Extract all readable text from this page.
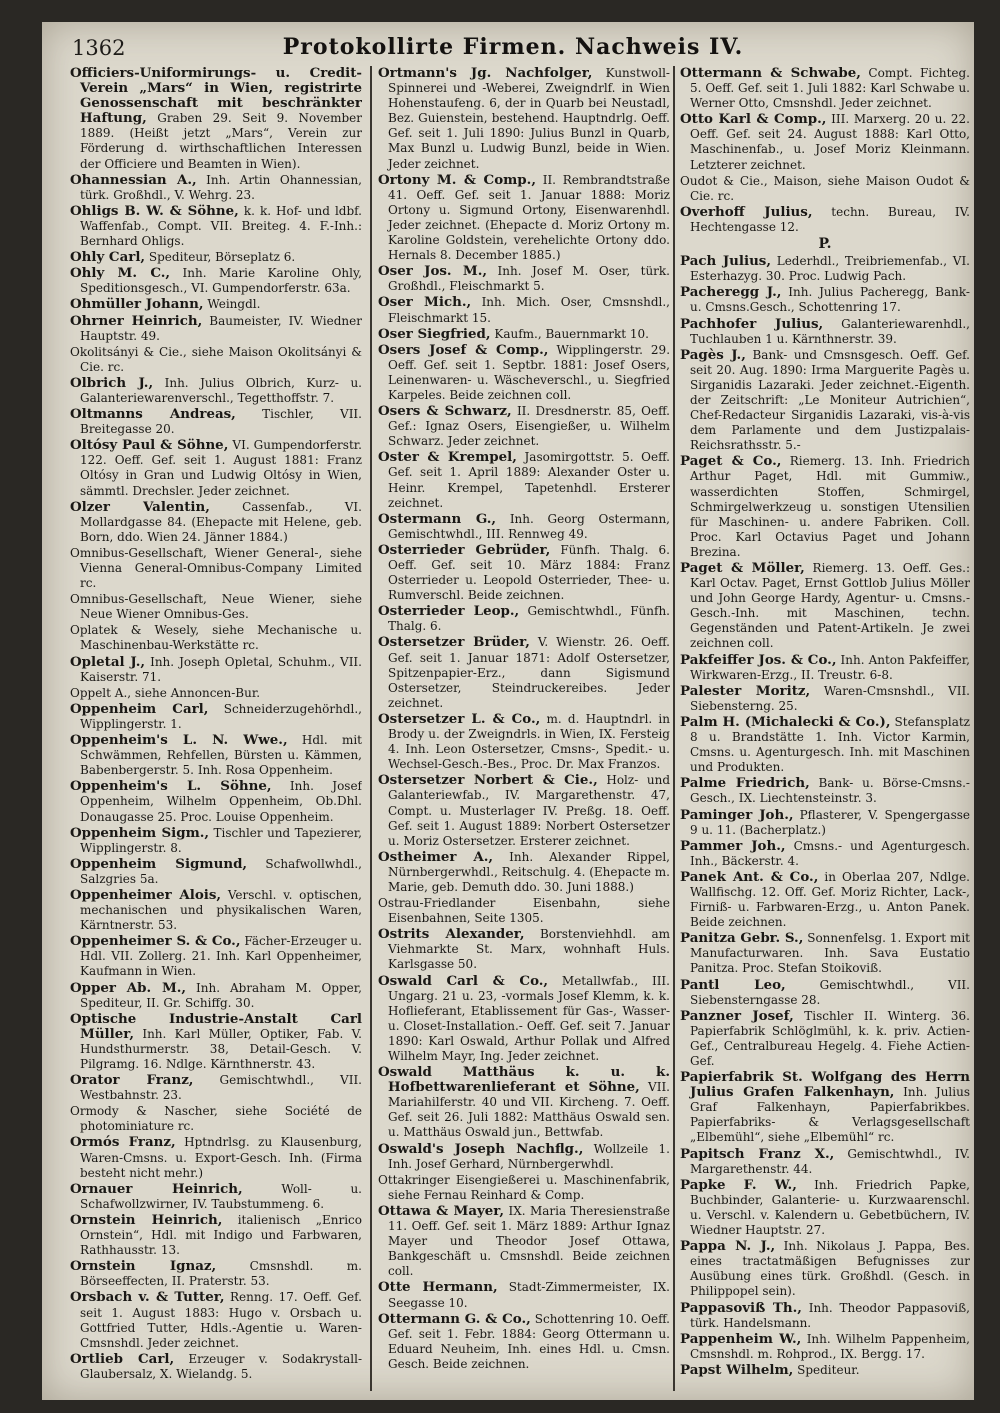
1362	Protokollirte Firmen. Nachweis IV.
Officiers-Uniformirungs- u. Credit-Verein „Mars“ in Wien, registrirte Genossenschaft mit beschränkter Haftung, Graben 29. Seit 9. November 1889. (Heißt jetzt „Mars“, Verein zur Förderung d. wirthschaftlichen Interessen der Officiere und Beamten in Wien).
Ohannessian A., Inh. Artin Ohannessian, türk. Großhdl., V. Wehrg. 23.
Ohligs B. W. & Söhne, k. k. Hof- und ldbf. Waffenfab., Compt. VII. Breiteg. 4. F.-Inh.: Bernhard Ohligs.
Ohly Carl, Spediteur, Börseplatz 6.
Ohly M. C., Inh. Marie Karoline Ohly, Speditionsgesch., VI. Gumpendorferstr. 63a.
Ohmüller Johann, Weingdl.
Ohrner Heinrich, Baumeister, IV. Wiedner Hauptstr. 49.
Okolitsányi & Cie., siehe Maison Okolitsányi & Cie. rc.
Olbrich J., Inh. Julius Olbrich, Kurz- u. Galanteriewarenverschl., Tegetthoffstr. 7.
Oltmanns Andreas, Tischler, VII. Breitegasse 20.
Oltósy Paul & Söhne, VI. Gumpendorferstr. 122. Oeff. Gef. seit 1. August 1881: Franz Oltósy in Gran und Ludwig Oltósy in Wien, sämmtl. Drechsler. Jeder zeichnet.
Olzer Valentin,	Cassenfab., VI. Mollardgasse 84. (Ehepacte mit Helene, geb. Born, ddo. Wien 24. Jänner 1884.)
Omnibus-Gesellschaft, Wiener General-, siehe Vienna General-Omnibus-Company Limited rc.
Omnibus-Gesellschaft, Neue Wiener, siehe Neue Wiener Omnibus-Ges.
Oplatek & Wesely, siehe Mechanische u. Maschinenbau-Werkstätte rc.
Opletal J., Inh. Joseph Opletal, Schuhm., VII. Kaiserstr. 71.
Oppelt A., siehe Annoncen-Bur.
Oppenheim Carl, Schneiderzugehörhdl., Wipplingerstr. 1.
Oppenheim's L. N. Wwe., Hdl. mit Schwämmen, Rehfellen, Bürsten u. Kämmen, Babenbergerstr. 5. Inh. Rosa Oppenheim.
Oppenheim's L. Söhne, Inh. Josef Oppenheim, Wilhelm Oppenheim, Ob.Dhl. Donaugasse 25. Proc. Louise Oppenheim.
Oppenheim Sigm., Tischler und Tapezierer, Wipplingerstr. 8.
Oppenheim Sigmund, Schafwollwhdl., Salzgries 5a.
Oppenheimer Alois, Verschl. v. optischen, mechanischen und physikalischen Waren, Kärntnerstr. 53.
Oppenheimer S. & Co., Fächer-Erzeuger u. Hdl. VII. Zollerg. 21. Inh. Karl Oppenheimer, Kaufmann in Wien.
Opper Ab. M., Inh. Abraham M. Opper, Spediteur, II. Gr. Schiffg. 30.
Optische Industrie-Anstalt Carl Müller, Inh. Karl Müller, Optiker, Fab. V. Hundsthurmerstr. 38, Detail-Gesch. V. Pilgramg. 16. Ndlge. Kärnthnerstr. 43.
Orator Franz, Gemischtwhdl., VII. Westbahnstr. 23.
Ormody & Nascher, siehe Société de photominiature rc.
Ormós Franz, Hptndrlsg. zu Klausenburg, Waren-Cmsns. u. Export-Gesch. Inh. (Firma besteht nicht mehr.)
Ornauer Heinrich,	Woll- u. Schafwollzwirner, IV. Taubstummeng. 6.
Ornstein Heinrich, italienisch „Enrico Ornstein“, Hdl. mit Indigo und Farbwaren, Rathhausstr. 13.
Ornstein Ignaz,	Cmsnshdl. m. Börseeffecten, II. Praterstr. 53.
Orsbach v. & Tutter, Renng. 17. Oeff. Gef. seit 1. August 1883: Hugo v. Orsbach u. Gottfried Tutter, Hdls.-Agentie u. Waren-Cmsnshdl. Jeder zeichnet.
Ortlieb Carl, Erzeuger v. Sodakrystall-Glaubersalz, X. Wielandg. 5.
Ortmann's Jg. Nachfolger, Kunstwoll-Spinnerei und -Weberei, Zweigndrlf. in Wien Hohenstaufeng. 6, der in Quarb bei Neustadl, Bez. Guienstein, bestehend. Hauptndrlg. Oeff. Gef. seit 1. Juli 1890: Julius Bunzl in Quarb, Max Bunzl u. Ludwig Bunzl, beide in Wien. Jeder zeichnet.
Ortony M. & Comp., II. Rembrandtstraße 41. Oeff. Gef. seit 1. Januar 1888: Moriz Ortony u. Sigmund Ortony, Eisenwarenhdl. Jeder zeichnet. (Ehepacte d. Moriz Ortony m. Karoline Goldstein, verehelichte Ortony ddo. Hernals 8. December 1885.)
Oser Jos. M., Inh. Josef M. Oser, türk. Großhdl., Fleischmarkt 5.
Oser Mich., Inh. Mich. Oser, Cmsnshdl., Fleischmarkt 15.
Oser Siegfried, Kaufm., Bauernmarkt 10.
Osers Josef & Comp., Wipplingerstr. 29. Oeff. Gef. seit 1. Septbr. 1881: Josef Osers, Leinenwaren- u. Wäscheverschl., u. Siegfried Karpeles. Beide zeichnen coll.
Osers & Schwarz, II. Dresdnerstr. 85, Oeff. Gef.: Ignaz Osers, Eisengießer, u. Wilhelm Schwarz. Jeder zeichnet.
Oster & Krempel, Jasomirgottstr. 5. Oeff. Gef. seit 1. April 1889: Alexander Oster u. Heinr. Krempel, Tapetenhdl. Ersterer zeichnet.
Ostermann G., Inh. Georg Ostermann, Gemischtwhdl., III. Rennweg 49.
Osterrieder Gebrüder, Fünfh. Thalg. 6. Oeff. Gef. seit 10. März 1884: Franz Osterrieder u. Leopold Osterrieder, Thee- u. Rumverschl. Beide zeichnen.
Osterrieder Leop., Gemischtwhdl., Fünfh. Thalg. 6.
Ostersetzer Brüder, V. Wienstr. 26. Oeff. Gef. seit 1. Januar 1871: Adolf Ostersetzer, Spitzenpapier-Erz., dann Sigismund Ostersetzer, Steindruckereibes. Jeder zeichnet.
Ostersetzer L. & Co., m. d. Hauptndrl. in Brody u. der Zweigndrls. in Wien, IX. Fersteig 4. Inh. Leon Ostersetzer, Cmsns-, Spedit.- u. Wechsel-Gesch.-Bes., Proc. Dr. Max Franzos.
Ostersetzer Norbert & Cie., Holz- und Galanteriewfab., IV. Margarethenstr. 47, Compt. u. Musterlager IV. Preßg. 18. Oeff. Gef. seit 1. August 1889: Norbert Ostersetzer u. Moriz Ostersetzer. Ersterer zeichnet.
Ostheimer A., Inh. Alexander Rippel, Nürnbergerwhdl., Reitschulg. 4. (Ehepacte m. Marie, geb. Demuth ddo. 30. Juni 1888.)
Ostrau-Friedlander Eisenbahn, siehe Eisenbahnen, Seite 1305.
Ostrits Alexander, Borstenviehhdl. am Viehmarkte St. Marx, wohnhaft Huls. Karlsgasse 50.
Oswald Carl & Co., Metallwfab., III. Ungarg. 21 u. 23, -vormals Josef Klemm, k. k. Hoflieferant, Etablissement für Gas-, Wasser- u. Closet-Installation.- Oeff. Gef. seit 7. Januar 1890: Karl Oswald, Arthur Pollak und Alfred Wilhelm Mayr, Ing. Jeder zeichnet.
Oswald Matthäus k. u. k. Hofbettwarenlieferant et Söhne, VII. Mariahilferstr. 40 und VII. Kircheng. 7. Oeff. Gef. seit 26. Juli 1882: Matthäus Oswald sen. u. Matthäus Oswald jun., Bettwfab.
Oswald's Joseph Nachflg., Wollzeile 1. Inh. Josef Gerhard, Nürnbergerwhdl.
Ottakringer Eisengießerei u. Maschinenfabrik, siehe Fernau Reinhard & Comp.
Ottawa & Mayer, IX. Maria Theresienstraße 11. Oeff. Gef. seit 1. März 1889: Arthur Ignaz Mayer und Theodor Josef Ottawa, Bankgeschäft u. Cmsnshdl. Beide zeichnen coll.
Otte Hermann, Stadt-Zimmermeister, IX. Seegasse 10.
Ottermann G. & Co., Schottenring 10. Oeff. Gef. seit 1. Febr. 1884: Georg Ottermann u. Eduard Neuheim, Inh. eines Hdl. u. Cmsn. Gesch. Beide zeichnen.
Ottermann & Schwabe, Compt. Fichteg. 5. Oeff. Gef. seit 1. Juli 1882: Karl Schwabe u. Werner Otto, Cmsnshdl. Jeder zeichnet.
Otto Karl & Comp., III. Marxerg. 20 u. 22. Oeff. Gef. seit 24. August 1888: Karl Otto, Maschinenfab., u. Josef Moriz Kleinmann. Letzterer zeichnet.
Oudot & Cie., Maison, siehe Maison Oudot & Cie. rc.
Overhoff Julius, techn. Bureau, IV. Hechtengasse 12.
P.
Pach Julius, Lederhdl., Treibriemenfab., VI. Esterhazyg. 30. Proc. Ludwig Pach.
Pacheregg J., Inh. Julius Pacheregg, Bank- u. Cmsns.Gesch., Schottenring 17.
Pachhofer Julius, Galanteriewarenhdl., Tuchlauben 1 u. Kärnthnerstr. 39.
Pagès J., Bank- und Cmsnsgesch. Oeff. Gef. seit 20. Aug. 1890: Irma Marguerite Pagès u. Sirganidis Lazaraki. Jeder zeichnet.-Eigenth. der Zeitschrift: „Le Moniteur Autrichien“, Chef-Redacteur Sirganidis Lazaraki, vis-à-vis dem Parlamente und dem Justizpalais- Reichsrathsstr. 5.-
Paget & Co., Riemerg. 13. Inh. Friedrich Arthur Paget, Hdl. mit Gummiw., wasserdichten Stoffen, Schmirgel, Schmirgelwerkzeug u. sonstigen Utensilien für Maschinen- u. andere Fabriken. Coll. Proc. Karl Octavius Paget und Johann Brezina.
Paget & Möller, Riemerg. 13. Oeff. Ges.: Karl Octav. Paget, Ernst Gottlob Julius Möller und John George Hardy, Agentur- u. Cmsns.-Gesch.-Inh. mit Maschinen, techn. Gegenständen und Patent-Artikeln. Je zwei zeichnen coll.
Pakfeiffer Jos. & Co., Inh. Anton Pakfeiffer, Wirkwaren-Erzg., II. Treustr. 6-8.
Palester Moritz, Waren-Cmsnshdl., VII. Siebensterng. 25.
Palm H. (Michalecki & Co.), Stefansplatz 8 u. Brandstätte 1. Inh. Victor Karmin, Cmsns. u. Agenturgesch. Inh. mit Maschinen und Produkten.
Palme Friedrich, Bank- u. Börse-Cmsns.-Gesch., IX. Liechtensteinstr. 3.
Paminger Joh., Pflasterer, V. Spengergasse 9 u. 11. (Bacherplatz.)
Pammer Joh., Cmsns.- und Agenturgesch. Inh., Bäckerstr. 4.
Panek Ant. & Co., in Oberlaa 207, Ndlge. Wallfischg. 12. Off. Gef. Moriz Richter, Lack-, Firniß- u. Farbwaren-Erzg., u. Anton Panek. Beide zeichnen.
Panitza Gebr. S., Sonnenfelsg. 1. Export mit Manufacturwaren. Inh. Sava Eustatio Panitza. Proc. Stefan Stoikoviß.
Pantl Leo,	Gemischtwhdl., VII. Siebensterngasse 28.
Panzner Josef, Tischler II. Winterg. 36. Papierfabrik Schlöglmühl, k. k. priv. Actien-Gef., Centralbureau Hegelg. 4. Fiehe Actien-Gef.
Papierfabrik St. Wolfgang des Herrn Julius Grafen Falkenhayn, Inh. Julius Graf Falkenhayn, Papierfabrikbes. Papierfabriks- & Verlagsgesellschaft „Elbemühl“, siehe „Elbemühl“ rc.
Papitsch Franz X., Gemischtwhdl., IV. Margarethenstr. 44.
Papke F. W., Inh. Friedrich Papke, Buchbinder, Galanterie- u. Kurzwaarenschl. u. Verschl. v. Kalendern u. Gebetbüchern, IV. Wiedner Hauptstr. 27.
Pappa N. J., Inh. Nikolaus J. Pappa, Bes. eines tractatmäßigen Befugnisses zur Ausübung eines türk. Großhdl. (Gesch. in Philippopel sein).
Pappasoviß Th., Inh. Theodor Pappasoviß, türk. Handelsmann.
Pappenheim W., Inh. Wilhelm Pappenheim, Cmsnshdl. m. Rohprod., IX. Bergg. 17.
Papst Wilhelm, Spediteur.
